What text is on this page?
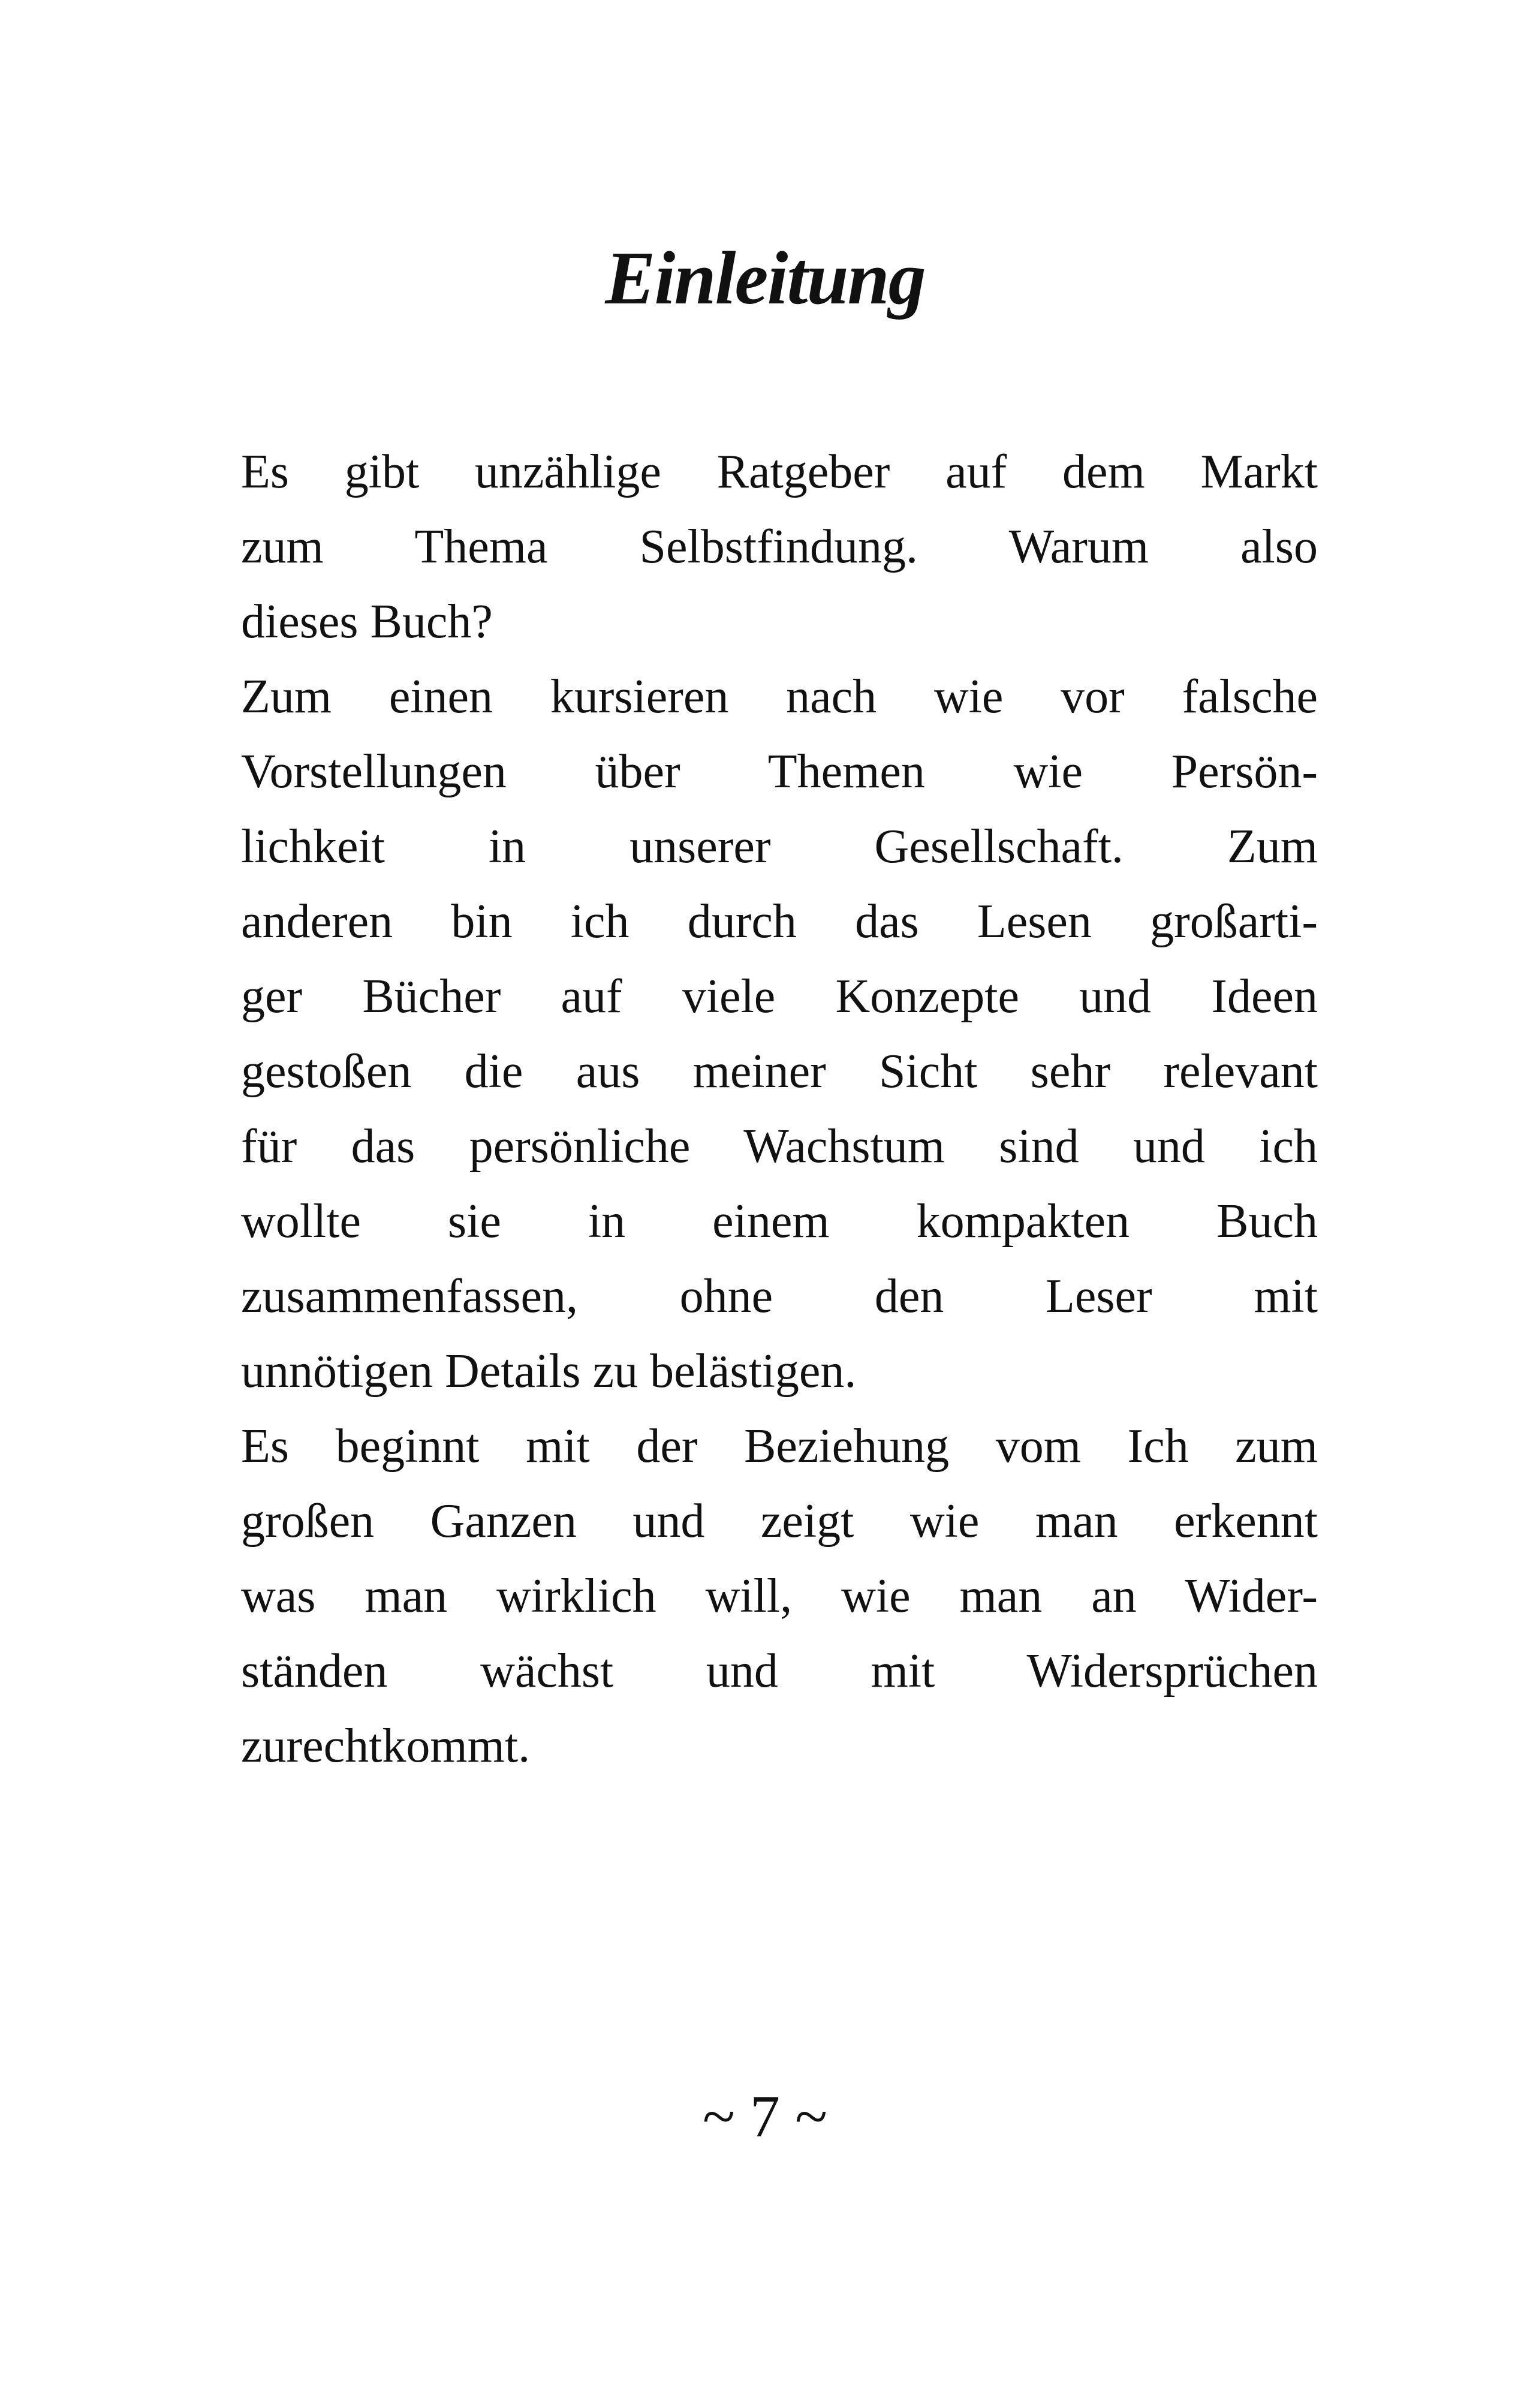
Einleitung
Es gibt unzählige Ratgeber auf dem Markt
zum Thema Selbstfindung. Warum also
dieses Buch?
Zum einen kursieren nach wie vor falsche
Vorstellungen über Themen wie Persön-
lichkeit in unserer Gesellschaft. Zum
anderen bin ich durch das Lesen großarti-
ger Bücher auf viele Konzepte und Ideen
gestoßen die aus meiner Sicht sehr relevant
für das persönliche Wachstum sind und ich
wollte sie in einem kompakten Buch
zusammenfassen, ohne den Leser mit
unnötigen Details zu belästigen.
Es beginnt mit der Beziehung vom Ich zum
großen Ganzen und zeigt wie man erkennt
was man wirklich will, wie man an Wider-
ständen wächst und mit Widersprüchen
zurechtkommt.
~ 7 ~
